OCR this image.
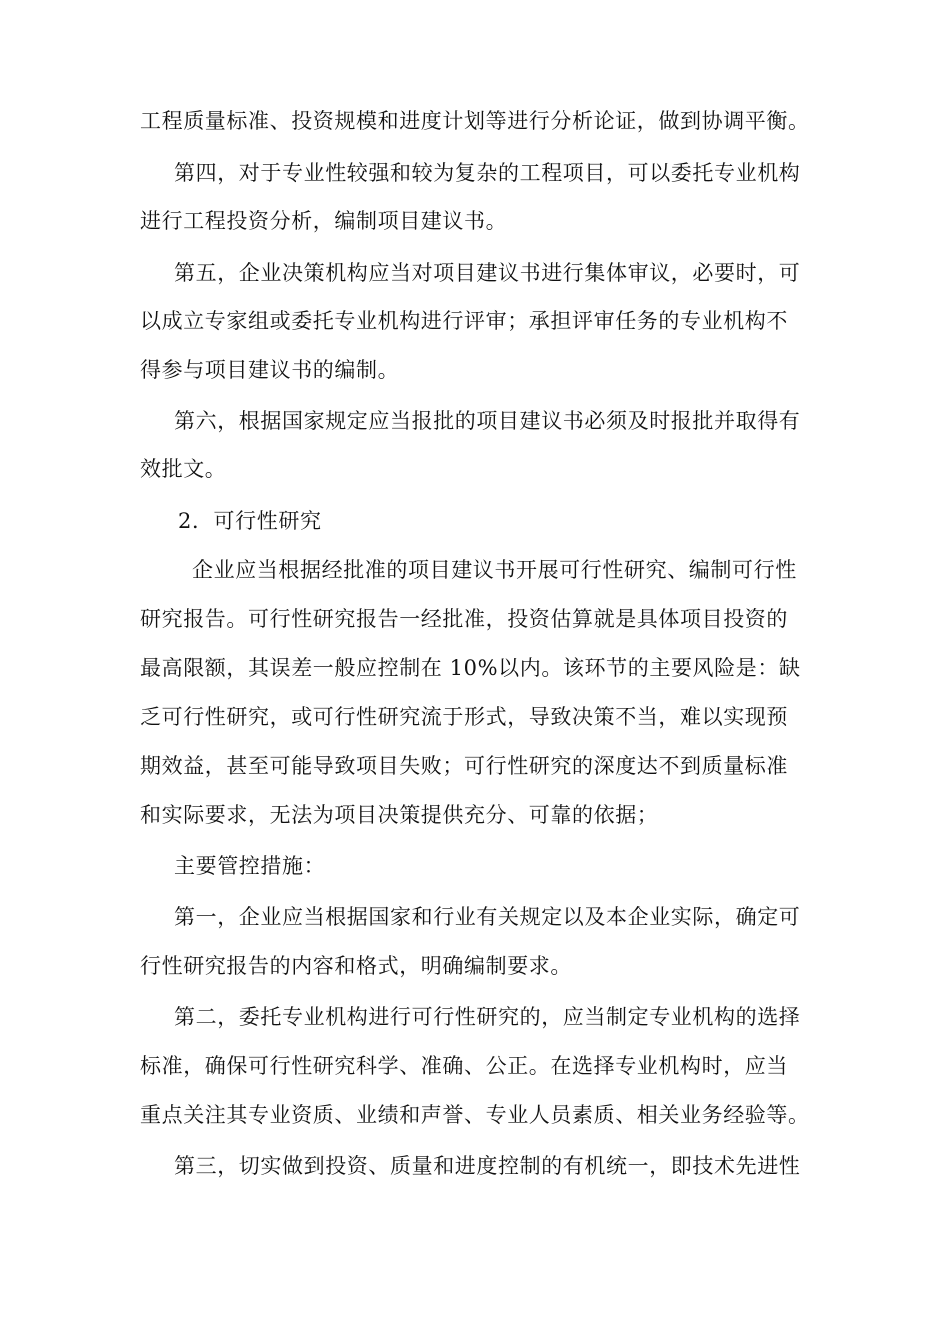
工程质量标准、投资规模和进度计划等进行分析论证，做到协调平衡。
第四，对于专业性较强和较为复杂的工程项目，可以委托专业机构
进行工程投资分析，编制项目建议书。
第五，企业决策机构应当对项目建议书进行集体审议，必要时，可
以成立专家组或委托专业机构进行评审；承担评审任务的专业机构不
得参与项目建议书的编制。
第六，根据国家规定应当报批的项目建议书必须及时报批并取得有
效批文。
2．可行性研究
企业应当根据经批准的项目建议书开展可行性研究、编制可行性
研究报告。可行性研究报告一经批准，投资估算就是具体项目投资的
最高限额，其误差一般应控制在 10%以内。该环节的主要风险是：缺
乏可行性研究，或可行性研究流于形式，导致决策不当，难以实现预
期效益，甚至可能导致项目失败；可行性研究的深度达不到质量标准
和实际要求，无法为项目决策提供充分、可靠的依据；
主要管控措施：
第一，企业应当根据国家和行业有关规定以及本企业实际，确定可
行性研究报告的内容和格式，明确编制要求。
第二，委托专业机构进行可行性研究的，应当制定专业机构的选择
标准，确保可行性研究科学、准确、公正。在选择专业机构时，应当
重点关注其专业资质、业绩和声誉、专业人员素质、相关业务经验等。
第三，切实做到投资、质量和进度控制的有机统一，即技术先进性
